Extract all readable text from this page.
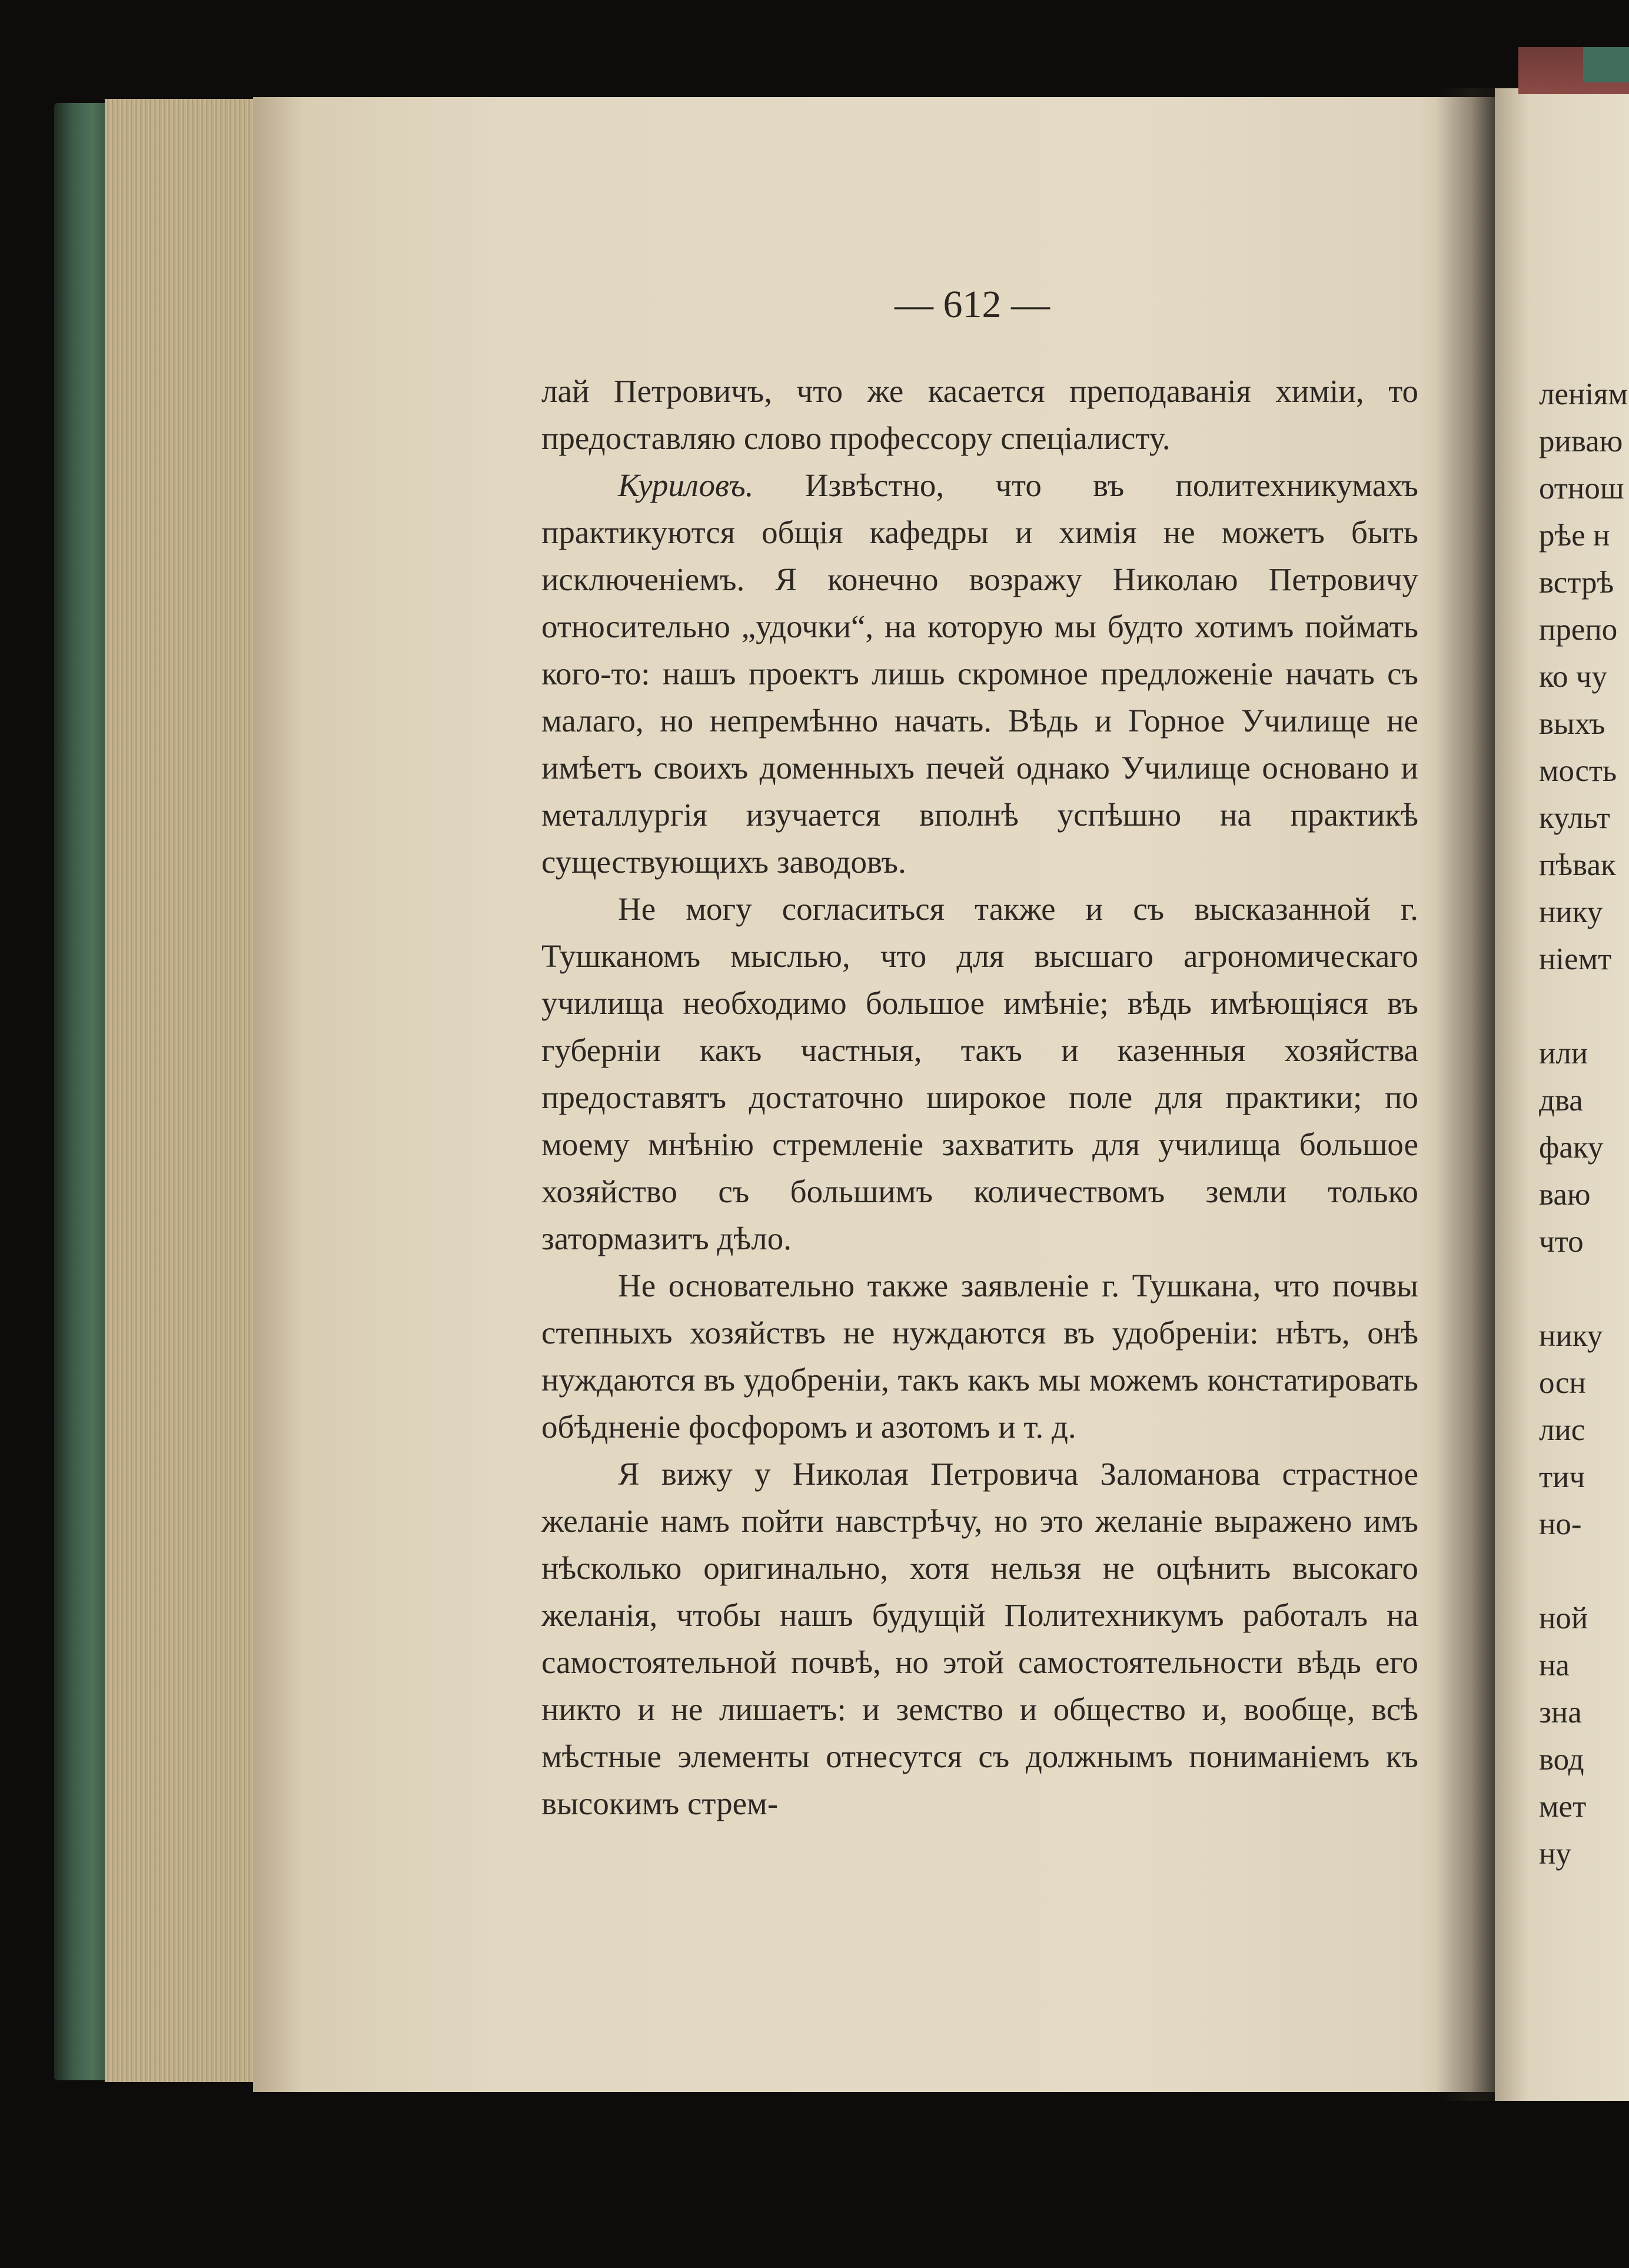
— 612 —

лай Петровичъ, что же касается преподаванія химіи, то предоставляю слово профессору спеціалисту.

Куриловъ. Извѣстно, что въ политехникумахъ практикуются общія кафедры и химія не можетъ быть исключеніемъ. Я конечно возражу Николаю Петровичу относительно „удочки“, на которую мы будто хотимъ поймать кого-то: нашъ проектъ лишь скромное предложеніе начать съ малаго, но непремѣнно начать. Вѣдь и Горное Училище не имѣетъ своихъ доменныхъ печей однако Училище основано и металлургія изучается вполнѣ успѣшно на практикѣ существующихъ заводовъ.

Не могу согласиться также и съ высказанной г. Тушканомъ мыслью, что для высшаго агрономическаго училища необходимо большое имѣніе; вѣдь имѣющіяся въ губерніи какъ частныя, такъ и казенныя хозяйства предоставятъ достаточно широкое поле для практики; по моему мнѣнію стремленіе захватить для училища большое хозяйство съ большимъ количествомъ земли только затормазитъ дѣло.

Не основательно также заявленіе г. Тушкана, что почвы степныхъ хозяйствъ не нуждаются въ удобреніи: нѣтъ, онѣ нуждаются въ удобреніи, такъ какъ мы можемъ констатировать обѣдненіе фосфоромъ и азотомъ и т. д.

Я вижу у Николая Петровича Заломанова страстное желаніе намъ пойти навстрѣчу, но это желаніе выражено имъ нѣсколько оригинально, хотя нельзя не оцѣнить высокаго желанія, чтобы нашъ будущій Политехникумъ работалъ на самостоятельной почвѣ, но этой самостоятельности вѣдь его никто и не лишаетъ: и земство и общество и, вообще, всѣ мѣстные элементы отнесутся съ должнымъ пониманіемъ къ высокимъ стрем-

леніям
риваю
отнош
рѣе н
встрѣ
препо
ко чу
выхъ
мость
культ
пѣвак
нику
ніемт
или
два
факу
ваю
что
нику
осн
лис
тич
но-
ной
на
зна
вод
мет
ну
